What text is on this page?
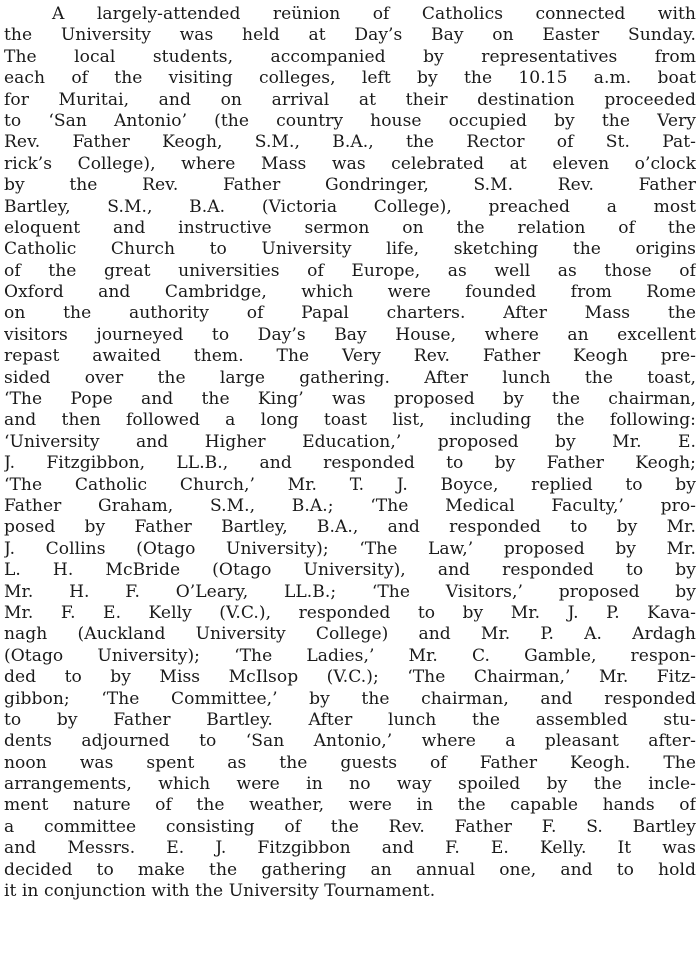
A largely-attended reünion of Catholics connected with
the University was held at Day’s Bay on Easter Sunday.
The local students, accompanied by representatives from
each of the visiting colleges, left by the 10.15 a.m. boat
for Muritai, and on arrival at their destination proceeded
to ‘San Antonio’ (the country house occupied by the Very
Rev. Father Keogh, S.M., B.A., the Rector of St. Pat-
rick’s College), where Mass was celebrated at eleven o’clock
by the Rev. Father Gondringer, S.M. Rev. Father
Bartley, S.M., B.A. (Victoria College), preached a most
eloquent and instructive sermon on the relation of the
Catholic Church to University life, sketching the origins
of the great universities of Europe, as well as those of
Oxford and Cambridge, which were founded from Rome
on the authority of Papal charters. After Mass the
visitors journeyed to Day’s Bay House, where an excellent
repast awaited them. The Very Rev. Father Keogh pre-
sided over the large gathering. After lunch the toast,
‘The Pope and the King’ was proposed by the chairman,
and then followed a long toast list, including the following:
‘University and Higher Education,’ proposed by Mr. E.
J. Fitzgibbon, LL.B., and responded to by Father Keogh;
‘The Catholic Church,’ Mr. T. J. Boyce, replied to by
Father Graham, S.M., B.A.; ‘The Medical Faculty,’ pro-
posed by Father Bartley, B.A., and responded to by Mr.
J. Collins (Otago University); ‘The Law,’ proposed by Mr.
L. H. McBride (Otago University), and responded to by
Mr. H. F. O’Leary, LL.B.; ‘The Visitors,’ proposed by
Mr. F. E. Kelly (V.C.), responded to by Mr. J. P. Kava-
nagh (Auckland University College) and Mr. P. A. Ardagh
(Otago University); ‘The Ladies,’ Mr. C. Gamble, respon-
ded to by Miss McIlsop (V.C.); ‘The Chairman,’ Mr. Fitz-
gibbon; ‘The Committee,’ by the chairman, and responded
to by Father Bartley. After lunch the assembled stu-
dents adjourned to ‘San Antonio,’ where a pleasant after-
noon was spent as the guests of Father Keogh. The
arrangements, which were in no way spoiled by the incle-
ment nature of the weather, were in the capable hands of
a committee consisting of the Rev. Father F. S. Bartley
and Messrs. E. J. Fitzgibbon and F. E. Kelly. It was
decided to make the gathering an annual one, and to hold
it in conjunction with the University Tournament.
